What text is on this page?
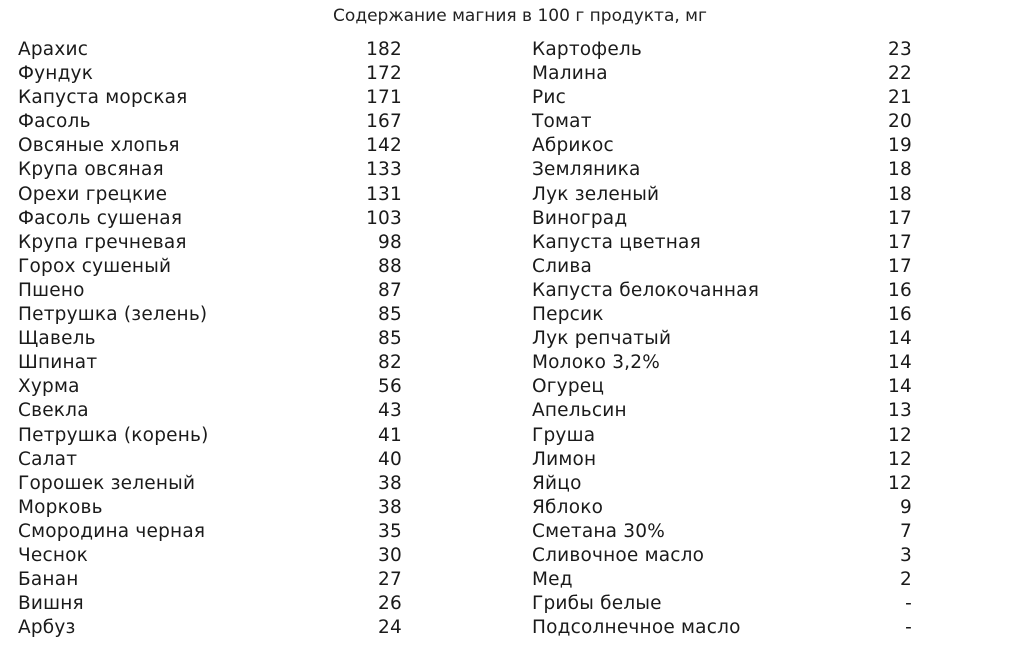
Содержание магния в 100 г продукта, мг
Арахис	182
Фундук	172
Капуста морская	171
Фасоль	167
Овсяные хлопья	142
Крупа овсяная	133
Орехи грецкие	131
Фасоль сушеная	103
Крупа гречневая	98
Горох сушеный	88
Пшено	87
Петрушка (зелень)	85
Щавель	85
Шпинат	82
Хурма	56
Свекла	43
Петрушка (корень)	41
Салат	40
Горошек зеленый	38
Морковь	38
Смородина черная	35
Чеснок	30
Банан	27
Вишня	26
Арбуз	24
Картофель	23
Малина	22
Рис	21
Томат	20
Абрикос	19
Земляника	18
Лук зеленый	18
Виноград	17
Капуста цветная	17
Слива	17
Капуста белокочанная	16
Персик	16
Лук репчатый	14
Молоко 3,2%	14
Огурец	14
Апельсин	13
Груша	12
Лимон	12
Яйцо	12
Яблоко	9
Сметана 30%	7
Сливочное масло	3
Мед	2
Грибы белые	-
Подсолнечное масло	-
